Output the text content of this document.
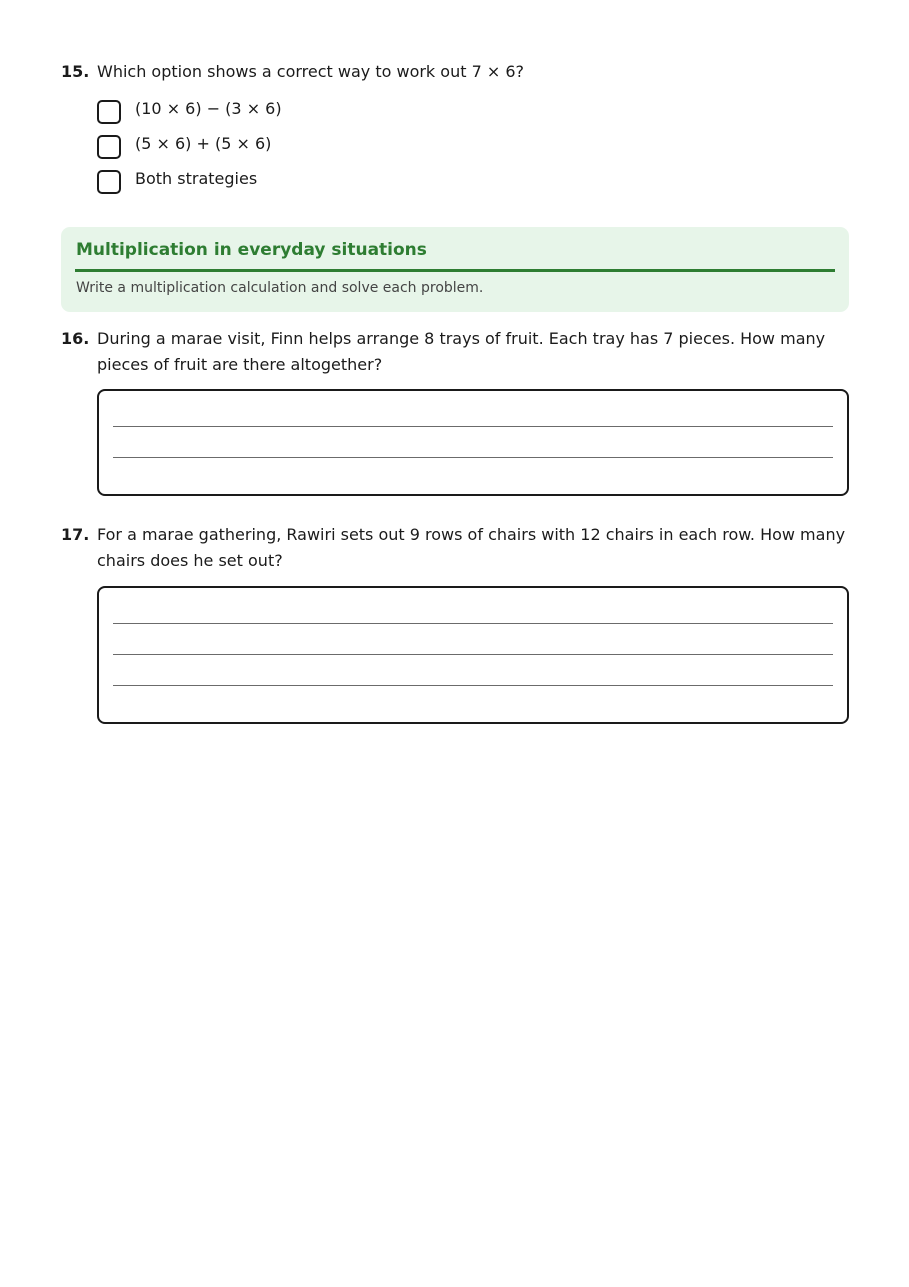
15. Which option shows a correct way to work out 7 × 6?
(10 × 6) − (3 × 6)
(5 × 6) + (5 × 6)
Both strategies
Multiplication in everyday situations
Write a multiplication calculation and solve each problem.
16. During a marae visit, Finn helps arrange 8 trays of fruit. Each tray has 7 pieces. How many pieces of fruit are there altogether?
17. For a marae gathering, Rawiri sets out 9 rows of chairs with 12 chairs in each row. How many chairs does he set out?
